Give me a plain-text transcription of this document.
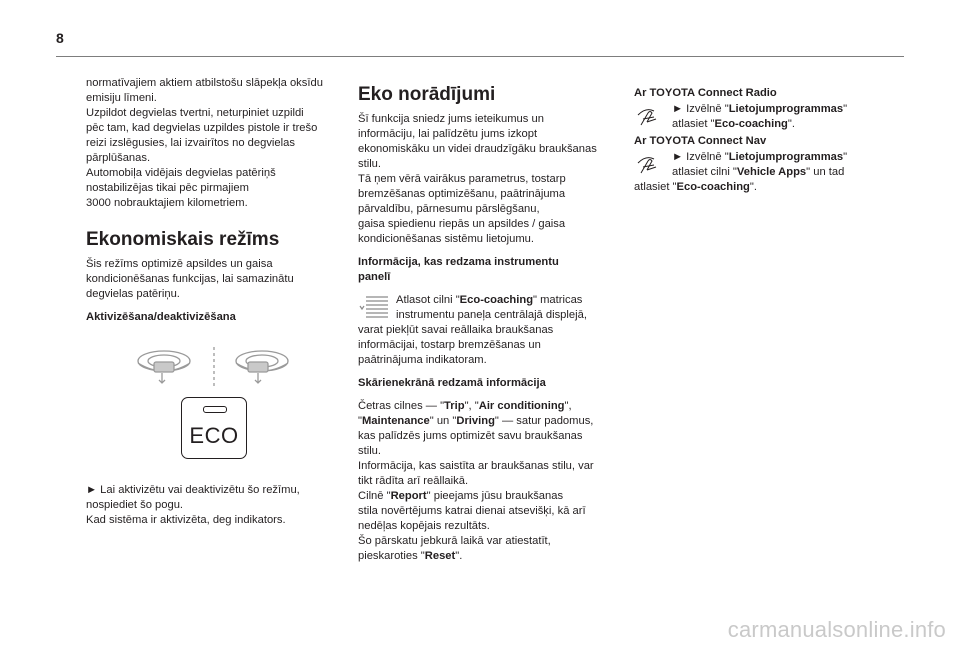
8

normatīvajiem aktiem atbilstošu slāpekļa oksīdu
emisiju līmeni.
Uzpildot degvielas tvertni, neturpiniet uzpildi
pēc tam, kad degvielas uzpildes pistole ir trešo
reizi izslēgusies, lai izvairītos no degvielas
pārplūšanas.
Automobiļa vidējais degvielas patēriņš
nostabilizējas tikai pēc pirmajiem
3000 nobrauktajiem kilometriem.

Ekonomiskais režīms

Šis režīms optimizē apsildes un gaisa
kondicionēšanas funkcijas, lai samazinātu
degvielas patēriņu.

Aktivizēšana/deaktivizēšana
ECO

► Lai aktivizētu vai deaktivizētu šo režīmu,
nospiediet šo pogu.
Kad sistēma ir aktivizēta, deg indikators.

Eko norādījumi

Šī funkcija sniedz jums ieteikumus un
informāciju, lai palīdzētu jums izkopt
ekonomiskāku un videi draudzīgāku braukšanas
stilu.
Tā ņem vērā vairākus parametrus, tostarp
bremzēšanas optimizēšanu, paātrinājuma
pārvaldību, pārnesumu pārslēgšanu,
gaisa spiedienu riepās un apsildes / gaisa
kondicionēšanas sistēmu lietojumu.

Informācija, kas redzama instrumentu
panelī

Atlasot cilni "Eco-coaching" matricas
instrumentu paneļa centrālajā displejā,

varat piekļūt savai reāllaika braukšanas
informācijai, tostarp bremzēšanas un
paātrinājuma indikatoram.

Skārienekrānā redzamā informācija

Četras cilnes — "Trip", "Air conditioning",
"Maintenance" un "Driving" — satur padomus,
kas palīdzēs jums optimizēt savu braukšanas
stilu.
Informācija, kas saistīta ar braukšanas stilu, var
tikt rādīta arī reāllaikā.
Cilnē "Report" pieejams jūsu braukšanas
stila novērtējums katrai dienai atsevišķi, kā arī
nedēļas kopējais rezultāts.
Šo pārskatu jebkurā laikā var atiestatīt,
pieskaroties "Reset".

Ar TOYOTA Connect Radio

► Izvēlnē "Lietojumprogrammas"
atlasiet "Eco-coaching".

Ar TOYOTA Connect Nav

► Izvēlnē "Lietojumprogrammas"
atlasiet cilni "Vehicle Apps" un tad

atlasiet "Eco-coaching".

carmanualsonline.info
